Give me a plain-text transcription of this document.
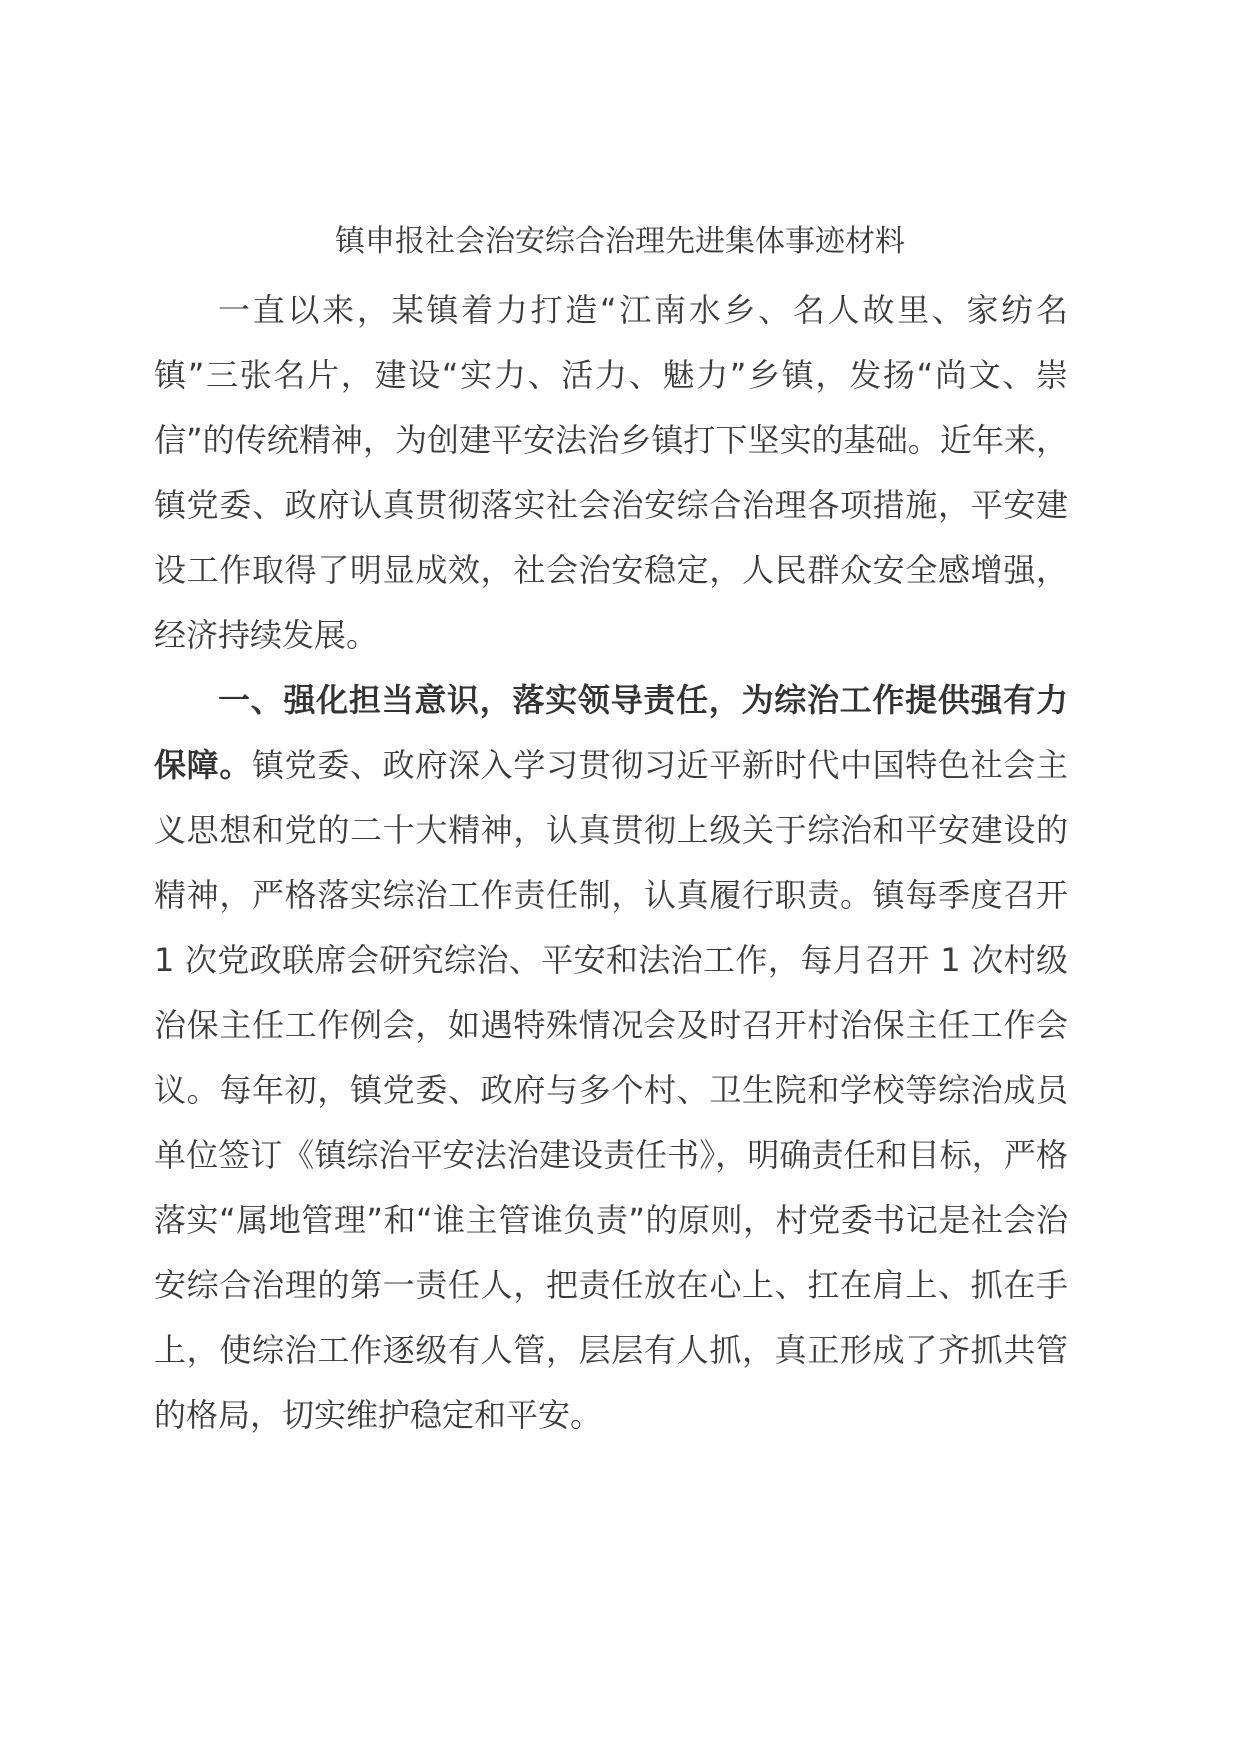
镇申报社会治安综合治理先进集体事迹材料

一直以来，某镇着力打造“江南水乡、名人故里、家纺名镇”三张名片，建设“实力、活力、魅力”乡镇，发扬“尚文、崇信”的传统精神，为创建平安法治乡镇打下坚实的基础。近年来，镇党委、政府认真贯彻落实社会治安综合治理各项措施，平安建设工作取得了明显成效，社会治安稳定，人民群众安全感增强，经济持续发展。

一、强化担当意识，落实领导责任，为综治工作提供强有力保障。镇党委、政府深入学习贯彻习近平新时代中国特色社会主义思想和党的二十大精神，认真贯彻上级关于综治和平安建设的精神，严格落实综治工作责任制，认真履行职责。镇每季度召开 1 次党政联席会研究综治、平安和法治工作，每月召开 1 次村级治保主任工作例会，如遇特殊情况会及时召开村治保主任工作会议。每年初，镇党委、政府与多个村、卫生院和学校等综治成员单位签订《镇综治平安法治建设责任书》，明确责任和目标，严格落实“属地管理”和“谁主管谁负责”的原则，村党委书记是社会治安综合治理的第一责任人，把责任放在心上、扛在肩上、抓在手上，使综治工作逐级有人管，层层有人抓，真正形成了齐抓共管的格局，切实维护稳定和平安。
